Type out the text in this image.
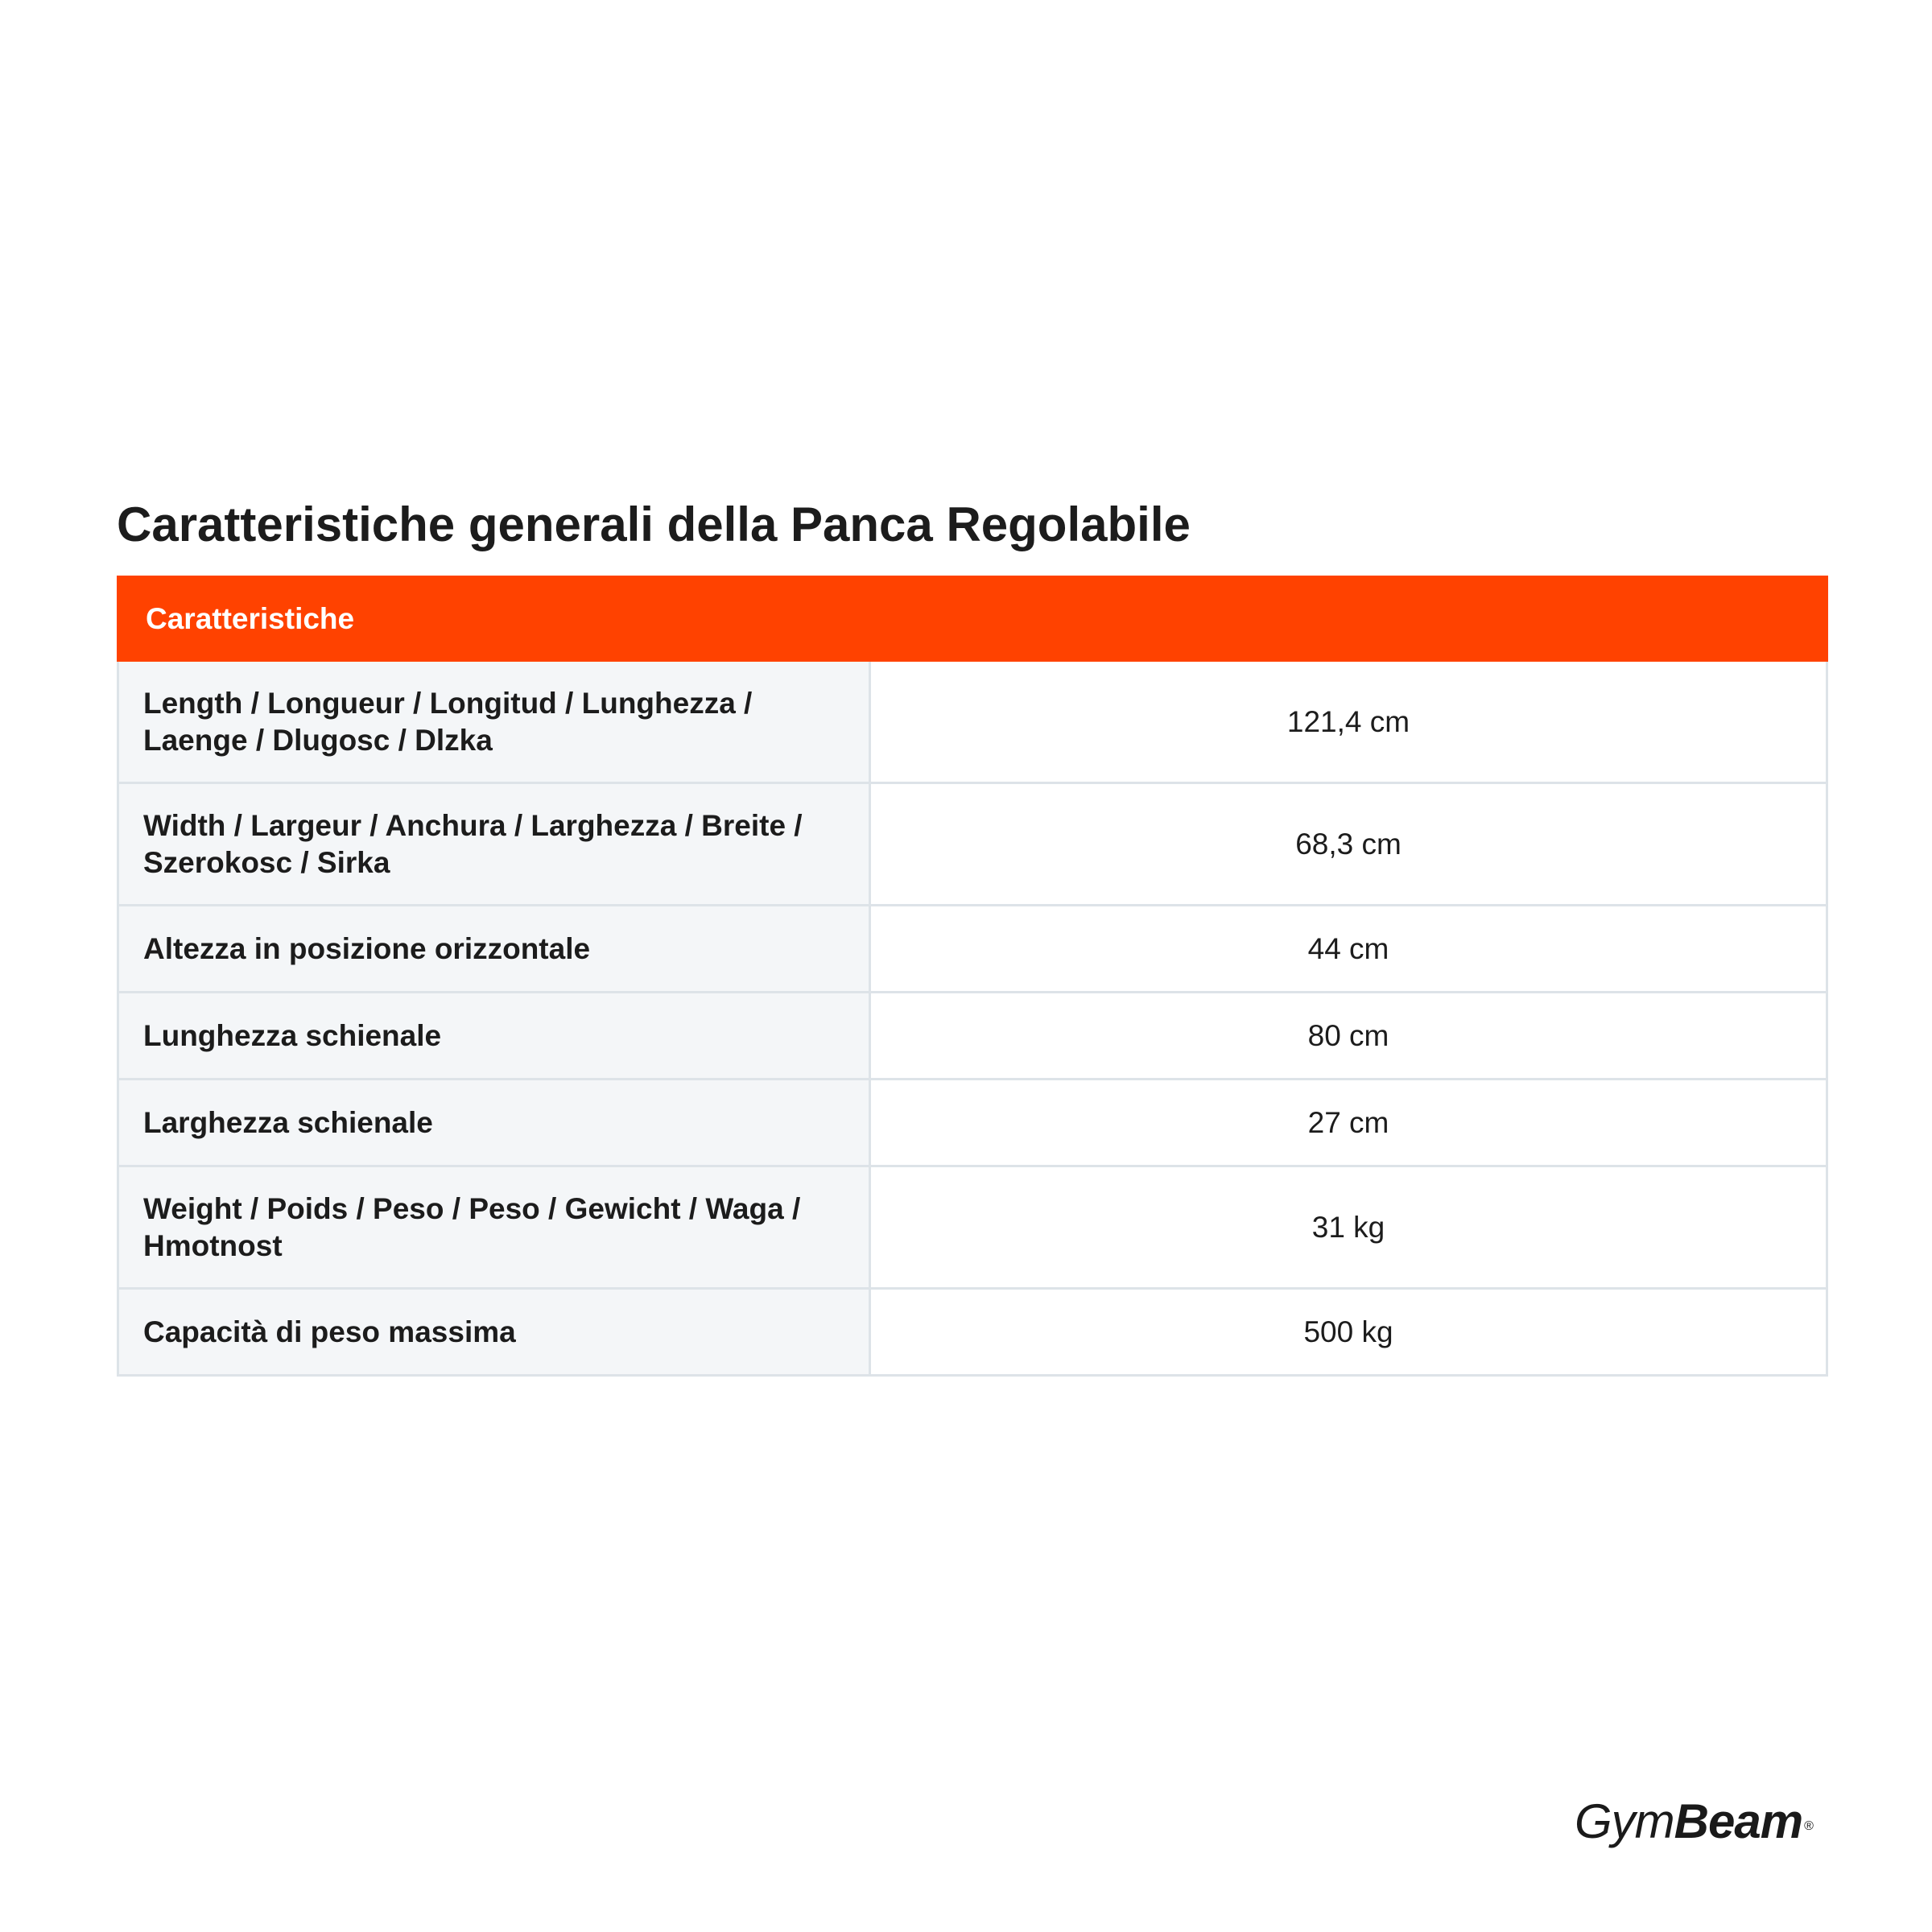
Caratteristiche generali della Panca Regolabile
Caratteristiche	
Length / Longueur / Longitud / Lunghezza / Laenge / Dlugosc / Dlzka	121,4 cm
Width / Largeur / Anchura / Larghezza / Breite / Szerokosc / Sirka	68,3 cm
Altezza in posizione orizzontale	44 cm
Lunghezza schienale	80 cm
Larghezza schienale	27 cm
Weight / Poids / Peso / Peso / Gewicht / Waga / Hmotnost	31 kg
Capacità di peso massima	500 kg
GymBeam ®
